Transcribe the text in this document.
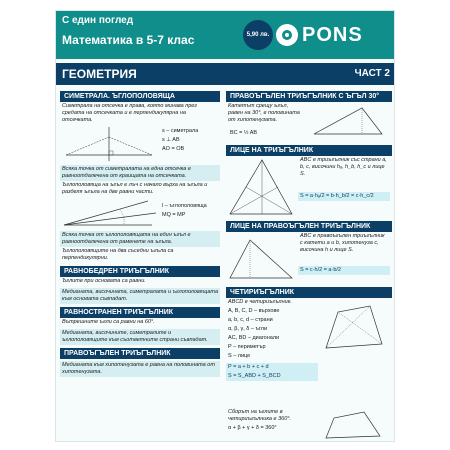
С един поглед
Математика в 5-7 клас	5,90 лв. PONS
ГЕОМЕТРИЯ	ЧАСТ 2
СИМЕТРАЛА. ЪГЛОПОЛОВЯЩА
Симетрала на отсечка е права, която минава през средата на отсечката и е перпендикулярна на отсечката.
s – симетрала
s ⊥ AB
AO = OB
Всяка точка от симетралата на една отсечка е равноотдалечена от краищата на отсечката.
Ъглополовяща на ъгъл е лъч с начало върха на ъгъла и разделя ъгъла на две равни части.
l – ъглополовяща
MQ = MP
Всяка точка от ъглополовящата на един ъгъл е равноотдалечена от раменете на ъгъла.
Ъглополовящите на два съседни ъгъла са перпендикулярни.
РАВНОБЕДРЕН ТРИЪГЪЛНИК
Ъглите при основата са равни.
Медианата, височината, симетралата и ъглополовящата към основата съвпадат.
РАВНОСТРАНЕН ТРИЪГЪЛНИК
Вътрешните ъгли са равни на 60°.
Медианата, височините, симетралите и ъглополовящите към съответните страни съвпадат.
ПРАВОЪГЪЛЕН ТРИЪГЪЛНИК
Медианата към хипотенузата е равна на половината от хипотенузата.
ПРАВОЪГЪЛЕН ТРИЪГЪЛНИК С ЪГЪЛ 30°
Катетът срещу ъгъл, равен на 30°, е половината от хипотенузата.
BC = ½ AB
ЛИЦЕ НА ТРИЪГЪЛНИК
ABC е триъгълник със страни a, b, c, височини hₐ, h_b, h_c и лице S.
S = a·hₐ/2 = b·h_b/2 = c·h_c/2
ЛИЦЕ НА ПРАВОЪГЪЛЕН ТРИЪГЪЛНИК
ABC е правоъгълен триъгълник с катети a и b, хипотенуза c, височина h и лице S.
S = c·h/2 = a·b/2
ЧЕТИРИЪГЪЛНИК
ABCD е четириъгълник.
A, B, C, D – върхове
a, b, c, d – страни
α, β, γ, δ – ъгли
AC, BD – диагонали
P – периметър
S – лице
P = a + b + c + d
S = S_ABD + S_BCD
Сборът на ъглите в четириъгълника е 360°.
α + β + γ + δ = 360°
